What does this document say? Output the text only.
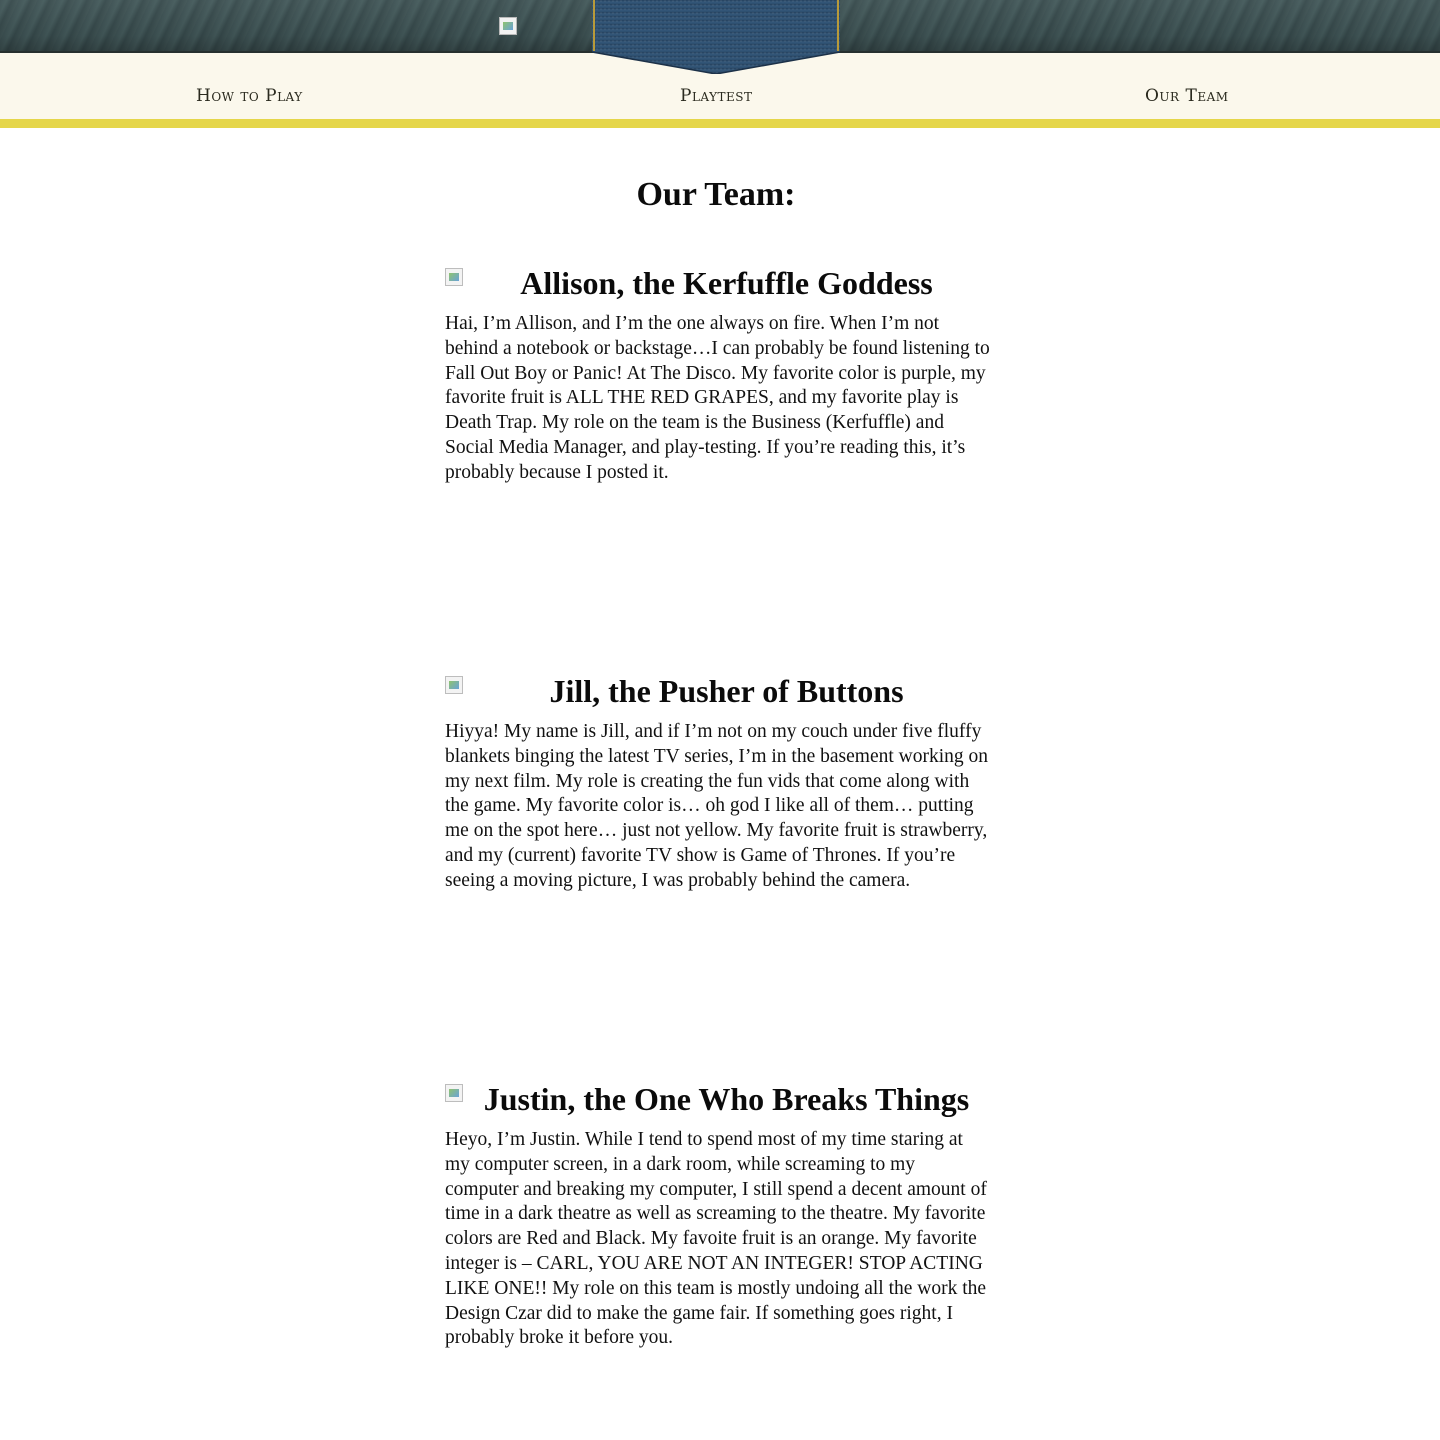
How to Play	Playtest	Our Team
Our Team:
Allison, the Kerfuffle Goddess

Hai, I’m Allison, and I’m the one always on fire. When I’m not behind a notebook or backstage…I can probably be found listening to Fall Out Boy or Panic! At The Disco. My favorite color is purple, my favorite fruit is ALL THE RED GRAPES, and my favorite play is Death Trap. My role on the team is the Business (Kerfuffle) and Social Media Manager, and play-testing. If you’re reading this, it’s probably because I posted it.

Jill, the Pusher of Buttons

Hiyya! My name is Jill, and if I’m not on my couch under five fluffy blankets binging the latest TV series, I’m in the basement working on my next film. My role is creating the fun vids that come along with the game. My favorite color is… oh god I like all of them… putting me on the spot here… just not yellow. My favorite fruit is strawberry, and my (current) favorite TV show is Game of Thrones. If you’re seeing a moving picture, I was probably behind the camera.

Justin, the One Who Breaks Things

Heyo, I’m Justin. While I tend to spend most of my time staring at my computer screen, in a dark room, while screaming to my computer and breaking my computer, I still spend a decent amount of time in a dark theatre as well as screaming to the theatre. My favorite colors are Red and Black. My favoite fruit is an orange. My favorite integer is – CARL, YOU ARE NOT AN INTEGER! STOP ACTING LIKE ONE!! My role on this team is mostly undoing all the work the Design Czar did to make the game fair. If something goes right, I probably broke it before you.
